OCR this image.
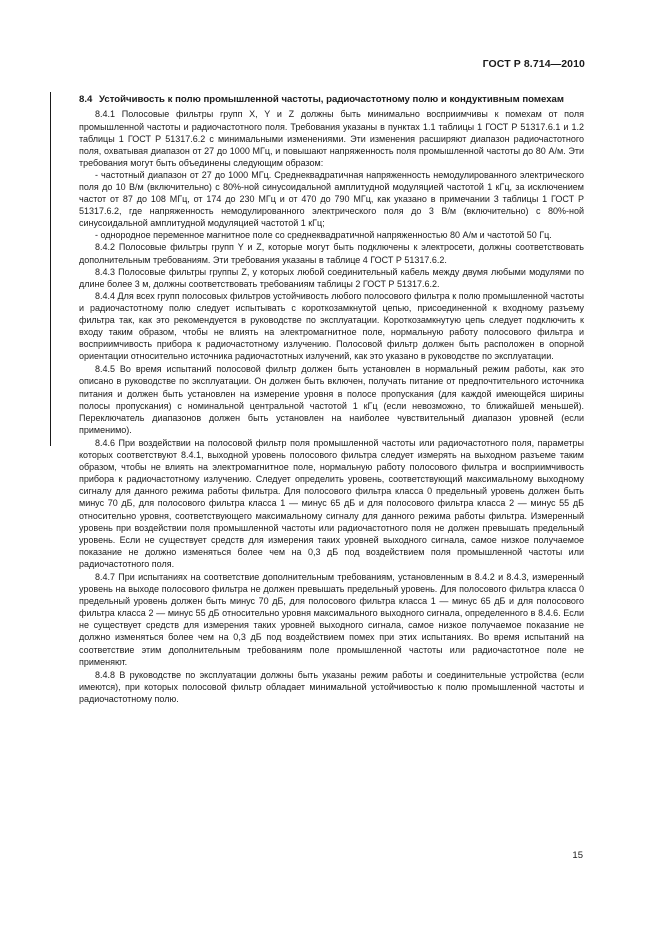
ГОСТ Р 8.714—2010

8.4 Устойчивость к полю промышленной частоты, радиочастотному полю и кондуктивным помехам

8.4.1 Полосовые фильтры групп X, Y и Z должны быть минимально восприимчивы к помехам от поля промышленной частоты и радиочастотного поля. Требования указаны в пунктах 1.1 таблицы 1 ГОСТ Р 51317.6.1 и 1.2 таблицы 1 ГОСТ Р 51317.6.2 с минимальными изменениями. Эти изменения расширяют диапазон радиочастотного поля, охватывая диапазон от 27 до 1000 МГц, и повышают напряженность поля промышленной частоты до 80 А/м. Эти требования могут быть объединены следующим образом:

- частотный диапазон от 27 до 1000 МГц. Среднеквадратичная напряженность немодулированного электрического поля до 10 В/м (включительно) с 80%-ной синусоидальной амплитудной модуляцией частотой 1 кГц, за исключением частот от 87 до 108 МГц, от 174 до 230 МГц и от 470 до 790 МГц, как указано в примечании 3 таблицы 1 ГОСТ Р 51317.6.2, где напряженность немодулированного электрического поля до 3 В/м (включительно) с 80%-ной синусоидальной амплитудной модуляцией частотой 1 кГц;

- однородное переменное магнитное поле со среднеквадратичной напряженностью 80 А/м и частотой 50 Гц.

8.4.2 Полосовые фильтры групп Y и Z, которые могут быть подключены к электросети, должны соответствовать дополнительным требованиям. Эти требования указаны в таблице 4 ГОСТ Р 51317.6.2.

8.4.3 Полосовые фильтры группы Z, у которых любой соединительный кабель между двумя любыми модулями по длине более 3 м, должны соответствовать требованиям таблицы 2 ГОСТ Р 51317.6.2.

8.4.4 Для всех групп полосовых фильтров устойчивость любого полосового фильтра к полю промышленной частоты и радиочастотному полю следует испытывать с короткозамкнутой цепью, присоединенной к входному разъему фильтра так, как это рекомендуется в руководстве по эксплуатации. Короткозамкнутую цепь следует подключить к входу таким образом, чтобы не влиять на электромагнитное поле, нормальную работу полосового фильтра и восприимчивость прибора к радиочастотному излучению. Полосовой фильтр должен быть расположен в опорной ориентации относительно источника радиочастотных излучений, как это указано в руководстве по эксплуатации.

8.4.5 Во время испытаний полосовой фильтр должен быть установлен в нормальный режим работы, как это описано в руководстве по эксплуатации. Он должен быть включен, получать питание от предпочтительного источника питания и должен быть установлен на измерение уровня в полосе пропускания (для каждой имеющейся ширины полосы пропускания) с номинальной центральной частотой 1 кГц (если невозможно, то ближайшей меньшей). Переключатель диапазонов должен быть установлен на наиболее чувствительный диапазон уровней (если применимо).

8.4.6 При воздействии на полосовой фильтр поля промышленной частоты или радиочастотного поля, параметры которых соответствуют 8.4.1, выходной уровень полосового фильтра следует измерять на выходном разъеме таким образом, чтобы не влиять на электромагнитное поле, нормальную работу полосового фильтра и восприимчивость прибора к радиочастотному излучению. Следует определить уровень, соответствующий максимальному выходному сигналу для данного режима работы фильтра. Для полосового фильтра класса 0 предельный уровень должен быть минус 70 дБ, для полосового фильтра класса 1 — минус 65 дБ и для полосового фильтра класса 2 — минус 55 дБ относительно уровня, соответствующего максимальному сигналу для данного режима работы фильтра. Измеренный уровень при воздействии поля промышленной частоты или радиочастотного поля не должен превышать предельный уровень. Если не существует средств для измерения таких уровней выходного сигнала, самое низкое получаемое показание не должно изменяться более чем на 0,3 дБ под воздействием поля промышленной частоты или радиочастотного поля.

8.4.7 При испытаниях на соответствие дополнительным требованиям, установленным в 8.4.2 и 8.4.3, измеренный уровень на выходе полосового фильтра не должен превышать предельный уровень. Для полосового фильтра класса 0 предельный уровень должен быть минус 70 дБ, для полосового фильтра класса 1 — минус 65 дБ и для полосового фильтра класса 2 — минус 55 дБ относительно уровня максимального выходного сигнала, определенного в 8.4.6. Если не существует средств для измерения таких уровней выходного сигнала, самое низкое получаемое показание не должно изменяться более чем на 0,3 дБ под воздействием помех при этих испытаниях. Во время испытаний на соответствие этим дополнительным требованиям поле промышленной частоты или радиочастотное поле не применяют.

8.4.8 В руководстве по эксплуатации должны быть указаны режим работы и соединительные устройства (если имеются), при которых полосовой фильтр обладает минимальной устойчивостью к полю промышленной частоты и радиочастотному полю.

15
